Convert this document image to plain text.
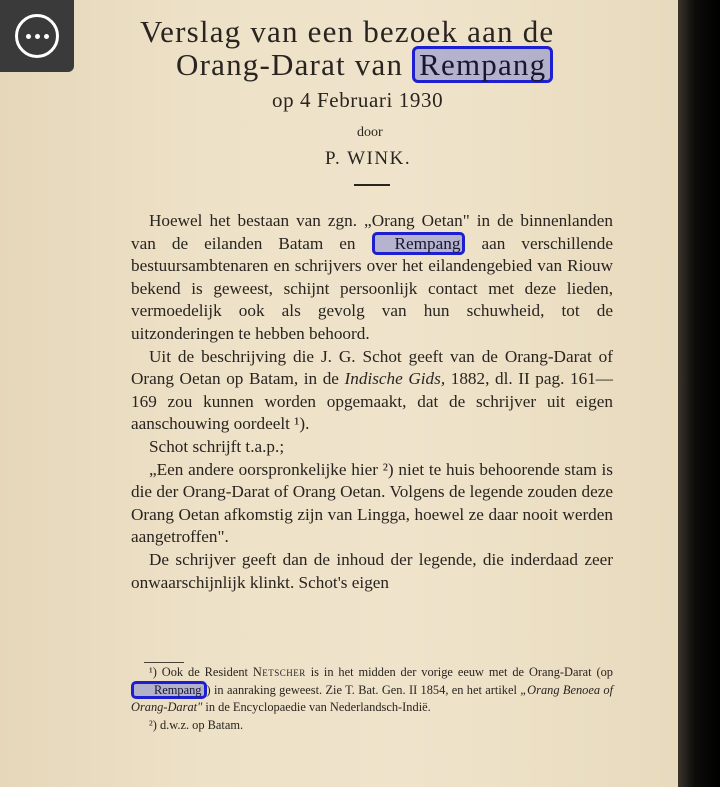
Verslag van een bezoek aan de
Orang-Darat van Rempang
op 4 Februari 1930
door
P. WINK.

Hoewel het bestaan van zgn. „Orang Oetan" in de binnenlanden van de eilanden Batam en Rempang aan verschillende bestuursambtenaren en schrijvers over het eilandengebied van Riouw bekend is geweest, schijnt persoonlijk contact met deze lieden, vermoedelijk ook als gevolg van hun schuwheid, tot de uitzonderingen te hebben behoord.

Uit de beschrijving die J. G. Schot geeft van de Orang-Darat of Orang Oetan op Batam, in de Indische Gids, 1882, dl. II pag. 161—169 zou kunnen worden opgemaakt, dat de schrijver uit eigen aanschouwing oordeelt ¹).

Schot schrijft t.a.p.;

„Een andere oorspronkelijke hier ²) niet te huis behoorende stam is die der Orang-Darat of Orang Oetan. Volgens de legende zouden deze Orang Oetan afkomstig zijn van Lingga, hoewel ze daar nooit werden aangetroffen".

De schrijver geeft dan de inhoud der legende, die inderdaad zeer onwaarschijnlijk klinkt. Schot's eigen

¹) Ook de Resident Netscher is in het midden der vorige eeuw met de Orang-Darat (op Rempang ) in aanraking geweest. Zie T. Bat. Gen. II 1854, en het artikel „Orang Benoea of Orang-Darat" in de Encyclopaedie van Nederlandsch-Indië.

²) d.w.z. op Batam.
